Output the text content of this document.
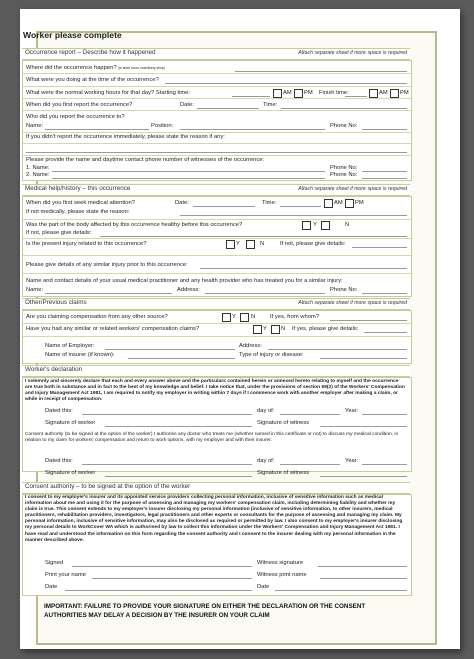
Worker please complete
Occurrence report – Describe how it happened	Attach separate sheet if more space is required
Where did the occurrence happen? (ie store room, machinery shop)
What were you doing at the time of the occurrence?
What were the normal working hours for that day? Starting time:	AM PM Finish time:	AM PM
When did you first report the occurrence?	Date:	Time:
Who did you report the occurrence to?
Name:	Position:	Phone No:
If you didn't report the occurrence immediately, please state the reason if any:
Please provide the name and daytime contact phone number of witnesses of the occurrence:
1. Name:	Phone No:
2. Name:	Phone No:
Medical help/history – this occurrence	Attach separate sheet if more space is required
When did you first seek medical attention?	Date:	Time:	AM PM
If not medically, please state the reason:
Was the part of the body affected by this occurrence healthy before this occurrence?	Y	N
If not, please give details:
Is the present injury related to this occurrence?	Y	N	If not, please give details:
Please give details of any similar injury prior to this occurrence:
Name and contact details of your usual medical practitioner and any health provider who has treated you for a similar injury:
Name:	Address:	Phone No:
Other/Previous claims	Attach separate sheet if more space is required
Are you claiming compensation from any other source?	Y	N	If yes, from whom?
Have you had any similar or related workers' compensation claims?	Y N If yes, please give details:
Name of Employer:	Address:
Name of insurer (if known):	Type of injury or disease:
Worker's declaration
I solemnly and sincerely declare that each and every answer above and the particulars contained herein or annexed hereto relating to myself and the occurrence are true both in substance and in fact to the best of my knowledge and belief. I take notice that, under the provisions of section 59(2) of the Workers' Compensation and Injury Management Act 1981, I am required to notify my employer in writing within 7 days if I commence work with another employer after making a claim, or while in receipt of compensation.
Dated this:	day of:	Year:
Signature of worker	Signature of witness
Consent authority (to be signed at the option of the worker) I authorise any doctor who treats me (whether named in this certificate or not) to discuss my medical condition, in relation to my claim for workers' compensation and return to work options, with my employer and with their insurer.
Dated this:	day of:	Year:
Signature of worker	Signature of witness
Consent authority – to be signed at the option of the worker
I consent to my employer's insurer and its appointed service providers collecting personal information, inclusive of sensitive information such as medical information about me and using it for the purpose of assessing and managing my workers' compensation claim, including determining liability and whether my claim is true. This consent extends to my employer's insurer disclosing my personal information (inclusive of sensitive information, to other insurers, medical practitioners, rehabilitation providers, investigators, legal practitioners and other experts or consultants for the purpose of assessing and managing my claim. My personal information, inclusive of sensitive information, may also be disclosed as required or permitted by law. I also consent to my employer's insurer disclosing my personal details to WorkCover WA which is authorised by law to collect this information under the Workers' Compensation and Injury Management Act 1981. I have read and understood the information on this form regarding the consent authority and I consent to the insurer dealing with my personal information in the manner described above.
Signed	Witness signature
Print your name	Witness print name
Date	Date
IMPORTANT: FAILURE TO PROVIDE YOUR SIGNATURE ON EITHER THE DECLARATION OR THE CONSENT AUTHORITIES MAY DELAY A DECISION BY THE INSURER ON YOUR CLAIM
